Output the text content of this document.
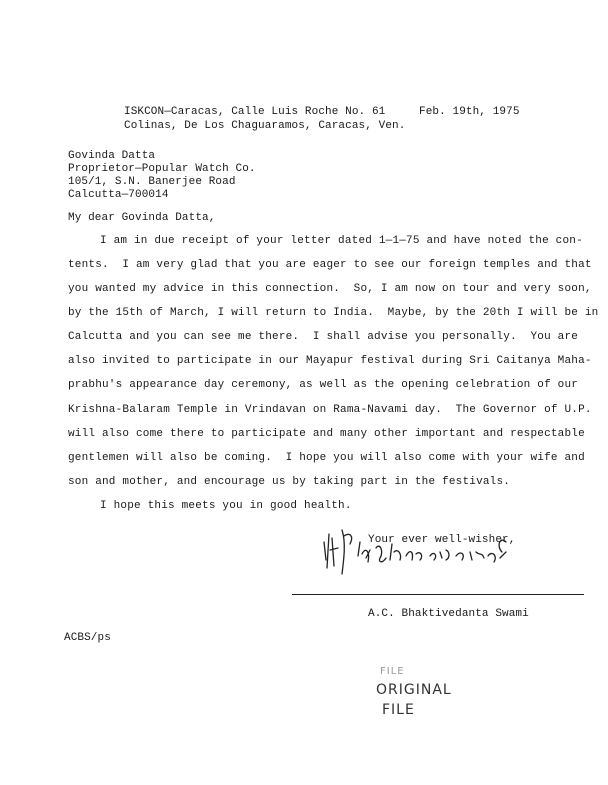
ISKCON—Caracas, Calle Luis Roche No. 61
Colinas, De Los Chaguaramos, Caracas, Ven.
Feb. 19th, 1975
Govinda Datta
Proprietor—Popular Watch Co.
105/1, S.N. Banerjee Road
Calcutta—700014
My dear Govinda Datta,
I am in due receipt of your letter dated 1—1—75 and have noted the con-
tents.  I am very glad that you are eager to see our foreign temples and that
you wanted my advice in this connection.  So, I am now on tour and very soon,
by the 15th of March, I will return to India.  Maybe, by the 20th I will be in
Calcutta and you can see me there.  I shall advise you personally.  You are
also invited to participate in our Mayapur festival during Sri Caitanya Maha-
prabhu's appearance day ceremony, as well as the opening celebration of our
Krishna-Balaram Temple in Vrindavan on Rama-Navami day.  The Governor of U.P.
will also come there to participate and many other important and respectable
gentlemen will also be coming.  I hope you will also come with your wife and
son and mother, and encourage us by taking part in the festivals.
I hope this meets you in good health.
Your ever well-wisher,
A.C. Bhaktivedanta Swami
ACBS/ps
FILE
ORIGINAL
FILE
